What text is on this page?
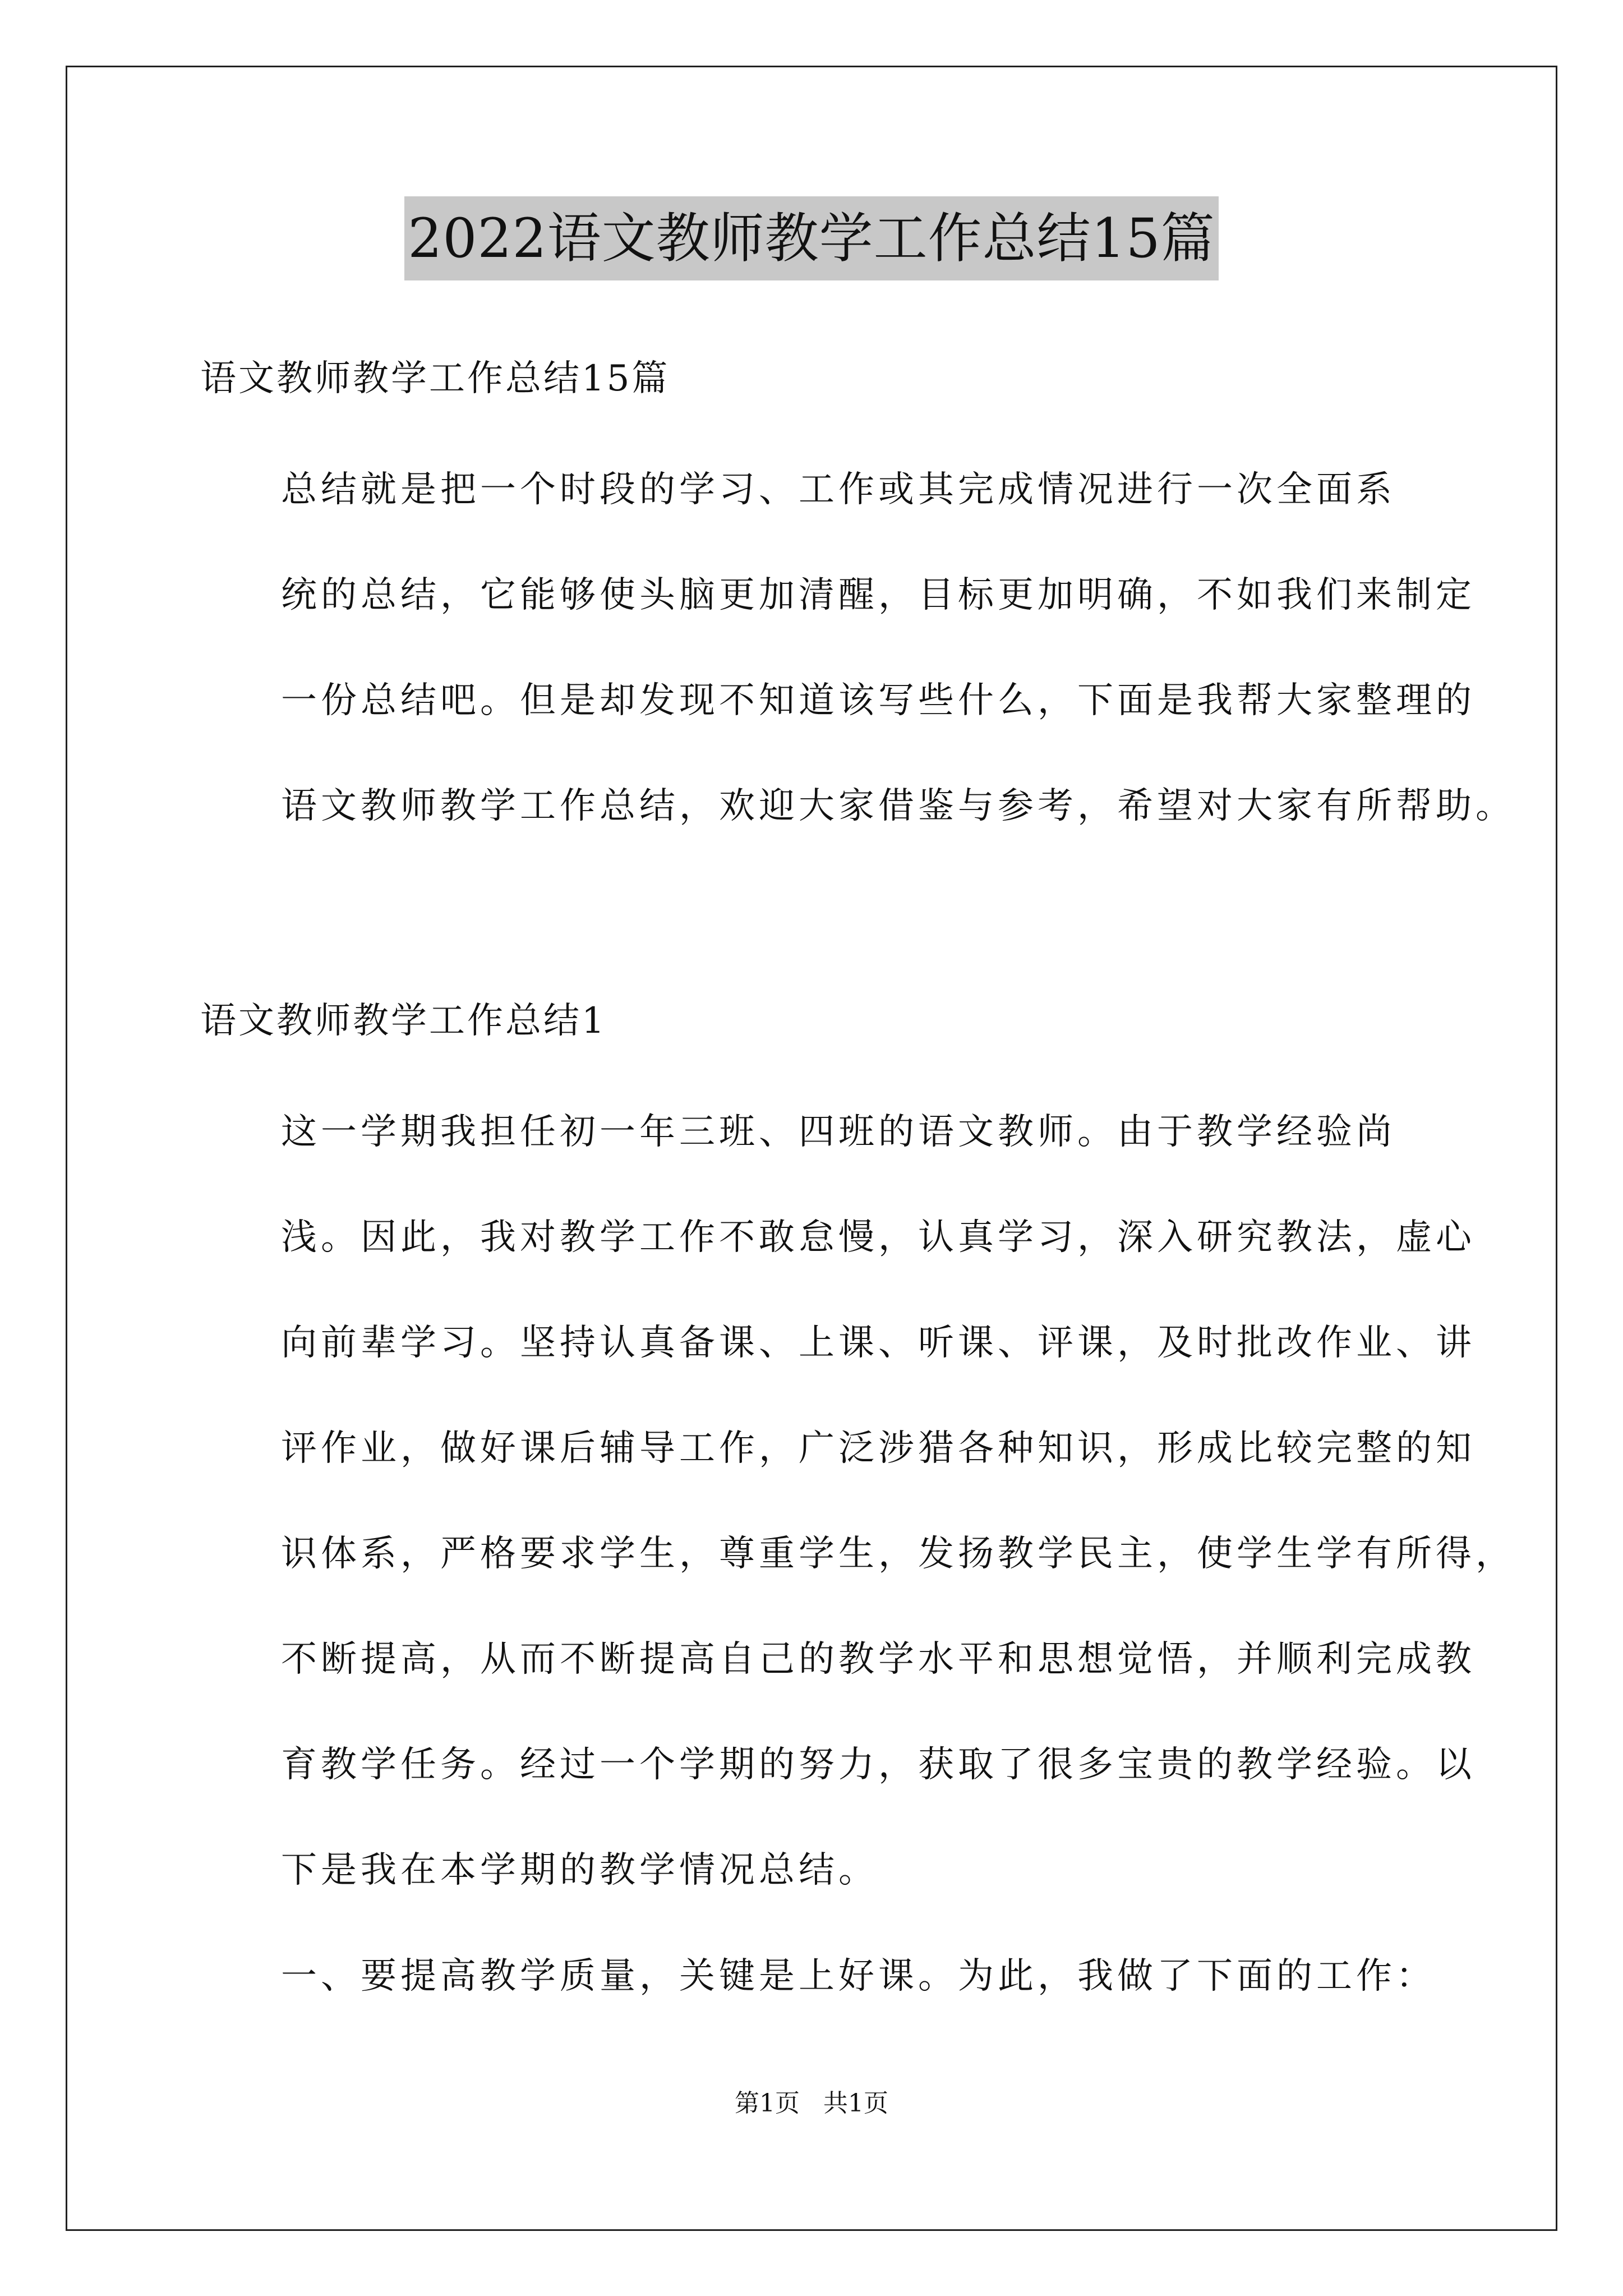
2022语文教师教学工作总结15篇
语文教师教学工作总结15篇
总结就是把一个时段的学习、工作或其完成情况进行一次全面系
统的总结，它能够使头脑更加清醒，目标更加明确，不如我们来制定
一份总结吧。但是却发现不知道该写些什么，下面是我帮大家整理的
语文教师教学工作总结，欢迎大家借鉴与参考，希望对大家有所帮助。
语文教师教学工作总结1
这一学期我担任初一年三班、四班的语文教师。由于教学经验尚
浅。因此，我对教学工作不敢怠慢，认真学习，深入研究教法，虚心
向前辈学习。坚持认真备课、上课、听课、评课，及时批改作业、讲
评作业，做好课后辅导工作，广泛涉猎各种知识，形成比较完整的知
识体系，严格要求学生，尊重学生，发扬教学民主，使学生学有所得，
不断提高，从而不断提高自己的教学水平和思想觉悟，并顺利完成教
育教学任务。经过一个学期的努力，获取了很多宝贵的教学经验。以
下是我在本学期的教学情况总结。
一、要提高教学质量，关键是上好课。为此，我做了下面的工作：
第1页   共1页
